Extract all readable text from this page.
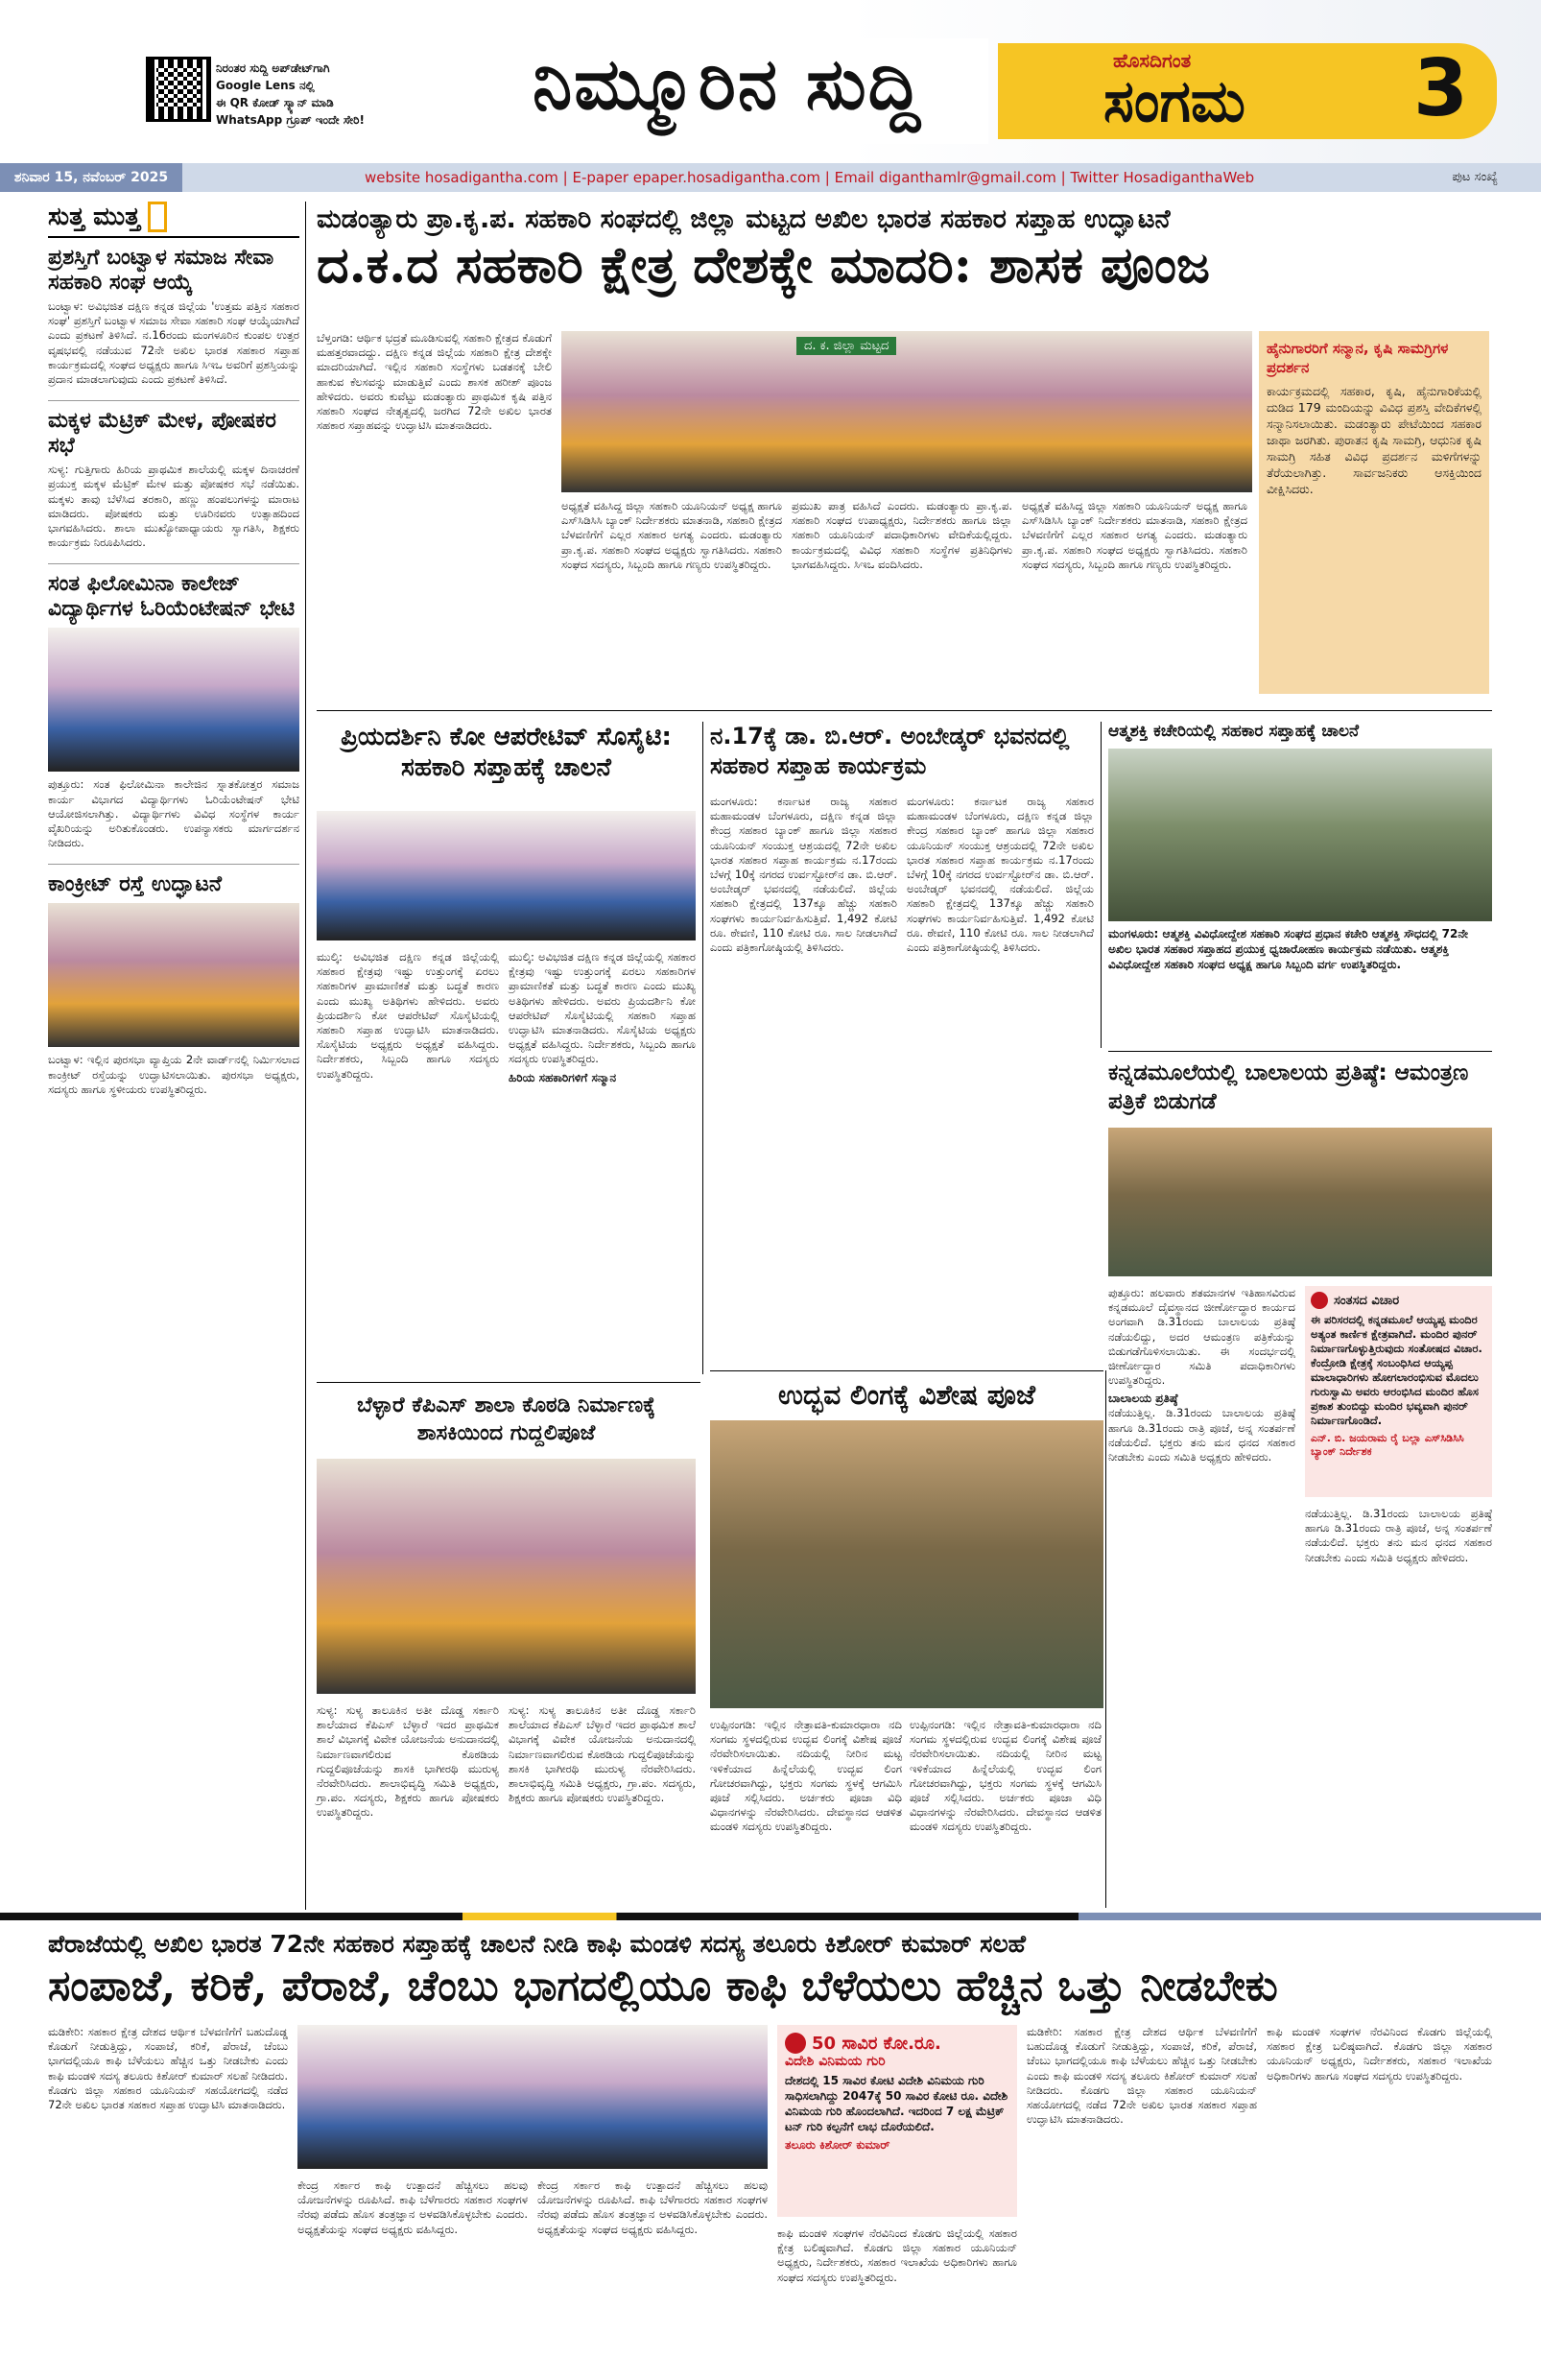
ನಿರಂತರ ಸುದ್ದಿ ಅಪ್‌ಡೇಟ್‌ಗಾಗಿ
Google Lens ನಲ್ಲಿ
ಈ QR ಕೋಡ್ ಸ್ಕ್ಯಾನ್ ಮಾಡಿ
WhatsApp ಗ್ರೂಪ್ ಇಂದೇ ಸೇರಿ!	ನಿಮ್ಮೂರಿನ ಸುದ್ದಿ	ಹೊಸದಿಗಂತ
ಸಂಗಮ 3
ಶನಿವಾರ 15, ನವೆಂಬರ್ 2025	website hosadigantha.com | E-paper epaper.hosadigantha.com | Email diganthamlr@gmail.com | Twitter HosadiganthaWeb	ಪುಟ ಸಂಖ್ಯೆ
ಸುತ್ತ ಮುತ್ತ
ಪ್ರಶಸ್ತಿಗೆ ಬಂಟ್ವಾಳ ಸಮಾಜ ಸೇವಾ ಸಹಕಾರಿ ಸಂಘ ಆಯ್ಕೆ
ಬಂಟ್ವಾಳ: ಅವಿಭಜಿತ ದಕ್ಷಿಣ ಕನ್ನಡ ಜಿಲ್ಲೆಯ 'ಉತ್ತಮ ಪತ್ತಿನ ಸಹಕಾರ ಸಂಘ' ಪ್ರಶಸ್ತಿಗೆ ಬಂಟ್ವಾಳ ಸಮಾಜ ಸೇವಾ ಸಹಕಾರಿ ಸಂಘ ಆಯ್ಕೆಯಾಗಿದೆ ಎಂದು ಪ್ರಕಟಣೆ ತಿಳಿಸಿದೆ. ನ.16ರಂದು ಮಂಗಳೂರಿನ ಕುಂಪಲ ಉತ್ತರ ವೃಷಭವಲ್ಲಿ ನಡೆಯುವ 72ನೇ ಅಖಿಲ ಭಾರತ ಸಹಕಾರ ಸಪ್ತಾಹ ಕಾರ್ಯಕ್ರಮದಲ್ಲಿ ಸಂಘದ ಅಧ್ಯಕ್ಷರು ಹಾಗೂ ಸಿಇಒ ಅವರಿಗೆ ಪ್ರಶಸ್ತಿಯನ್ನು ಪ್ರದಾನ ಮಾಡಲಾಗುವುದು ಎಂದು ಪ್ರಕಟಣೆ ತಿಳಿಸಿದೆ.
ಮಕ್ಕಳ ಮೆಟ್ರಿಕ್ ಮೇಳ, ಪೋಷಕರ ಸಭೆ
ಸುಳ್ಯ: ಗುತ್ತಿಗಾರು ಹಿರಿಯ ಪ್ರಾಥಮಿಕ ಶಾಲೆಯಲ್ಲಿ ಮಕ್ಕಳ ದಿನಾಚರಣೆ ಪ್ರಯುಕ್ತ ಮಕ್ಕಳ ಮೆಟ್ರಿಕ್ ಮೇಳ ಮತ್ತು ಪೋಷಕರ ಸಭೆ ನಡೆಯಿತು. ಮಕ್ಕಳು ತಾವು ಬೆಳೆಸಿದ ತರಕಾರಿ, ಹಣ್ಣು ಹಂಪಲುಗಳನ್ನು ಮಾರಾಟ ಮಾಡಿದರು. ಪೋಷಕರು ಮತ್ತು ಊರಿನವರು ಉತ್ಸಾಹದಿಂದ ಭಾಗವಹಿಸಿದರು. ಶಾಲಾ ಮುಖ್ಯೋಪಾಧ್ಯಾಯರು ಸ್ವಾಗತಿಸಿ, ಶಿಕ್ಷಕರು ಕಾರ್ಯಕ್ರಮ ನಿರೂಪಿಸಿದರು.
ಸಂತ ಫಿಲೋಮಿನಾ ಕಾಲೇಜ್ ವಿದ್ಯಾರ್ಥಿಗಳ ಓರಿಯೆಂಟೇಷನ್ ಭೇಟಿ
ಪುತ್ತೂರು: ಸಂತ ಫಿಲೋಮಿನಾ ಕಾಲೇಜಿನ ಸ್ನಾತಕೋತ್ತರ ಸಮಾಜ ಕಾರ್ಯ ವಿಭಾಗದ ವಿದ್ಯಾರ್ಥಿಗಳು ಓರಿಯೆಂಟೇಷನ್ ಭೇಟಿ ಆಯೋಜಿಸಲಾಗಿತ್ತು. ವಿದ್ಯಾರ್ಥಿಗಳು ವಿವಿಧ ಸಂಸ್ಥೆಗಳ ಕಾರ್ಯ ವೈಖರಿಯನ್ನು ಅರಿತುಕೊಂಡರು. ಉಪನ್ಯಾಸಕರು ಮಾರ್ಗದರ್ಶನ ನೀಡಿದರು.
ಕಾಂಕ್ರೀಟ್ ರಸ್ತೆ ಉದ್ಘಾಟನೆ
ಬಂಟ್ವಾಳ: ಇಲ್ಲಿನ ಪುರಸಭಾ ವ್ಯಾಪ್ತಿಯ 2ನೇ ವಾರ್ಡ್‌ನಲ್ಲಿ ನಿರ್ಮಿಸಲಾದ ಕಾಂಕ್ರೀಟ್ ರಸ್ತೆಯನ್ನು ಉದ್ಘಾಟಿಸಲಾಯಿತು. ಪುರಸಭಾ ಅಧ್ಯಕ್ಷರು, ಸದಸ್ಯರು ಹಾಗೂ ಸ್ಥಳೀಯರು ಉಪಸ್ಥಿತರಿದ್ದರು.
ಮಡಂತ್ಯಾರು ಪ್ರಾ.ಕೃ.ಪ. ಸಹಕಾರಿ ಸಂಘದಲ್ಲಿ ಜಿಲ್ಲಾ ಮಟ್ಟದ ಅಖಿಲ ಭಾರತ ಸಹಕಾರ ಸಪ್ತಾಹ ಉದ್ಘಾಟನೆ
ದ.ಕ.ದ ಸಹಕಾರಿ ಕ್ಷೇತ್ರ ದೇಶಕ್ಕೇ ಮಾದರಿ: ಶಾಸಕ ಪೂಂಜ
ಬೆಳ್ತಂಗಡಿ: ಆರ್ಥಿಕ ಭದ್ರತೆ ಮೂಡಿಸುವಲ್ಲಿ ಸಹಕಾರಿ ಕ್ಷೇತ್ರದ ಕೊಡುಗೆ ಮಹತ್ತರವಾದದ್ದು. ದಕ್ಷಿಣ ಕನ್ನಡ ಜಿಲ್ಲೆಯ ಸಹಕಾರಿ ಕ್ಷೇತ್ರ ದೇಶಕ್ಕೇ ಮಾದರಿಯಾಗಿದೆ. ಇಲ್ಲಿನ ಸಹಕಾರಿ ಸಂಸ್ಥೆಗಳು ಬಡತನಕ್ಕೆ ಬೇಲಿ ಹಾಕುವ ಕೆಲಸವನ್ನು ಮಾಡುತ್ತಿವೆ ಎಂದು ಶಾಸಕ ಹರೀಶ್ ಪೂಂಜ ಹೇಳಿದರು. ಅವರು ಕುವೆಟ್ಟು ಮಡಂತ್ಯಾರು ಪ್ರಾಥಮಿಕ ಕೃಷಿ ಪತ್ತಿನ ಸಹಕಾರಿ ಸಂಘದ ನೇತೃತ್ವದಲ್ಲಿ ಜರಗಿದ 72ನೇ ಅಖಿಲ ಭಾರತ ಸಹಕಾರ ಸಪ್ತಾಹವನ್ನು ಉದ್ಘಾಟಿಸಿ ಮಾತನಾಡಿದರು.
ದ. ಕ. ಜಿಲ್ಲಾ ಮಟ್ಟದ
ಅಧ್ಯಕ್ಷತೆ ವಹಿಸಿದ್ದ ಜಿಲ್ಲಾ ಸಹಕಾರಿ ಯೂನಿಯನ್ ಅಧ್ಯಕ್ಷ ಹಾಗೂ ಎಸ್‌ಸಿಡಿಸಿಸಿ ಬ್ಯಾಂಕ್ ನಿರ್ದೇಶಕರು ಮಾತನಾಡಿ, ಸಹಕಾರಿ ಕ್ಷೇತ್ರದ ಬೆಳವಣಿಗೆಗೆ ಎಲ್ಲರ ಸಹಕಾರ ಅಗತ್ಯ ಎಂದರು. ಮಡಂತ್ಯಾರು ಪ್ರಾ.ಕೃ.ಪ. ಸಹಕಾರಿ ಸಂಘದ ಅಧ್ಯಕ್ಷರು ಸ್ವಾಗತಿಸಿದರು. ಸಹಕಾರಿ ಸಂಘದ ಸದಸ್ಯರು, ಸಿಬ್ಬಂದಿ ಹಾಗೂ ಗಣ್ಯರು ಉಪಸ್ಥಿತರಿದ್ದರು.
ಪ್ರಮುಖ ಪಾತ್ರ ವಹಿಸಿದೆ ಎಂದರು. ಮಡಂತ್ಯಾರು ಪ್ರಾ.ಕೃ.ಪ. ಸಹಕಾರಿ ಸಂಘದ ಉಪಾಧ್ಯಕ್ಷರು, ನಿರ್ದೇಶಕರು ಹಾಗೂ ಜಿಲ್ಲಾ ಸಹಕಾರಿ ಯೂನಿಯನ್ ಪದಾಧಿಕಾರಿಗಳು ವೇದಿಕೆಯಲ್ಲಿದ್ದರು. ಕಾರ್ಯಕ್ರಮದಲ್ಲಿ ವಿವಿಧ ಸಹಕಾರಿ ಸಂಸ್ಥೆಗಳ ಪ್ರತಿನಿಧಿಗಳು ಭಾಗವಹಿಸಿದ್ದರು. ಸಿಇಒ ವಂದಿಸಿದರು.
ಅಧ್ಯಕ್ಷತೆ ವಹಿಸಿದ್ದ ಜಿಲ್ಲಾ ಸಹಕಾರಿ ಯೂನಿಯನ್ ಅಧ್ಯಕ್ಷ ಹಾಗೂ ಎಸ್‌ಸಿಡಿಸಿಸಿ ಬ್ಯಾಂಕ್ ನಿರ್ದೇಶಕರು ಮಾತನಾಡಿ, ಸಹಕಾರಿ ಕ್ಷೇತ್ರದ ಬೆಳವಣಿಗೆಗೆ ಎಲ್ಲರ ಸಹಕಾರ ಅಗತ್ಯ ಎಂದರು. ಮಡಂತ್ಯಾರು ಪ್ರಾ.ಕೃ.ಪ. ಸಹಕಾರಿ ಸಂಘದ ಅಧ್ಯಕ್ಷರು ಸ್ವಾಗತಿಸಿದರು. ಸಹಕಾರಿ ಸಂಘದ ಸದಸ್ಯರು, ಸಿಬ್ಬಂದಿ ಹಾಗೂ ಗಣ್ಯರು ಉಪಸ್ಥಿತರಿದ್ದರು.
ಹೈನುಗಾರರಿಗೆ ಸನ್ಮಾನ, ಕೃಷಿ ಸಾಮಗ್ರಿಗಳ ಪ್ರದರ್ಶನ
ಕಾರ್ಯಕ್ರಮದಲ್ಲಿ ಸಹಕಾರ, ಕೃಷಿ, ಹೈನುಗಾರಿಕೆಯಲ್ಲಿ ದುಡಿದ 179 ಮಂದಿಯನ್ನು ವಿವಿಧ ಪ್ರಶಸ್ತಿ ವೇದಿಕೆಗಳಲ್ಲಿ ಸನ್ಮಾನಿಸಲಾಯಿತು. ಮಡಂತ್ಯಾರು ಪೇಟೆಯಿಂದ ಸಹಕಾರ ಜಾಥಾ ಜರಗಿತು. ಪುರಾತನ ಕೃಷಿ ಸಾಮಗ್ರಿ, ಆಧುನಿಕ ಕೃಷಿ ಸಾಮಗ್ರಿ ಸಹಿತ ವಿವಿಧ ಪ್ರದರ್ಶನ ಮಳಿಗೆಗಳನ್ನು ತೆರೆಯಲಾಗಿತ್ತು. ಸಾರ್ವಜನಿಕರು ಆಸಕ್ತಿಯಿಂದ ವೀಕ್ಷಿಸಿದರು.
ಪ್ರಿಯದರ್ಶಿನಿ ಕೋ ಆಪರೇಟಿವ್ ಸೊಸೈಟಿ: ಸಹಕಾರಿ ಸಪ್ತಾಹಕ್ಕೆ ಚಾಲನೆ
ಮುಲ್ಕಿ: ಅವಿಭಜಿತ ದಕ್ಷಿಣ ಕನ್ನಡ ಜಿಲ್ಲೆಯಲ್ಲಿ ಸಹಕಾರ ಕ್ಷೇತ್ರವು ಇಷ್ಟು ಉತ್ತುಂಗಕ್ಕೆ ಏರಲು ಸಹಕಾರಿಗಳ ಪ್ರಾಮಾಣಿಕತೆ ಮತ್ತು ಬದ್ಧತೆ ಕಾರಣ ಎಂದು ಮುಖ್ಯ ಅತಿಥಿಗಳು ಹೇಳಿದರು. ಅವರು ಪ್ರಿಯದರ್ಶಿನಿ ಕೋ ಆಪರೇಟಿವ್ ಸೊಸೈಟಿಯಲ್ಲಿ ಸಹಕಾರಿ ಸಪ್ತಾಹ ಉದ್ಘಾಟಿಸಿ ಮಾತನಾಡಿದರು. ಸೊಸೈಟಿಯ ಅಧ್ಯಕ್ಷರು ಅಧ್ಯಕ್ಷತೆ ವಹಿಸಿದ್ದರು. ನಿರ್ದೇಶಕರು, ಸಿಬ್ಬಂದಿ ಹಾಗೂ ಸದಸ್ಯರು ಉಪಸ್ಥಿತರಿದ್ದರು.
ಮುಲ್ಕಿ: ಅವಿಭಜಿತ ದಕ್ಷಿಣ ಕನ್ನಡ ಜಿಲ್ಲೆಯಲ್ಲಿ ಸಹಕಾರ ಕ್ಷೇತ್ರವು ಇಷ್ಟು ಉತ್ತುಂಗಕ್ಕೆ ಏರಲು ಸಹಕಾರಿಗಳ ಪ್ರಾಮಾಣಿಕತೆ ಮತ್ತು ಬದ್ಧತೆ ಕಾರಣ ಎಂದು ಮುಖ್ಯ ಅತಿಥಿಗಳು ಹೇಳಿದರು. ಅವರು ಪ್ರಿಯದರ್ಶಿನಿ ಕೋ ಆಪರೇಟಿವ್ ಸೊಸೈಟಿಯಲ್ಲಿ ಸಹಕಾರಿ ಸಪ್ತಾಹ ಉದ್ಘಾಟಿಸಿ ಮಾತನಾಡಿದರು. ಸೊಸೈಟಿಯ ಅಧ್ಯಕ್ಷರು ಅಧ್ಯಕ್ಷತೆ ವಹಿಸಿದ್ದರು. ನಿರ್ದೇಶಕರು, ಸಿಬ್ಬಂದಿ ಹಾಗೂ ಸದಸ್ಯರು ಉಪಸ್ಥಿತರಿದ್ದರು.
ಹಿರಿಯ ಸಹಕಾರಿಗಳಿಗೆ ಸನ್ಮಾನ
ನ.17ಕ್ಕೆ ಡಾ. ಬಿ.ಆರ್. ಅಂಬೇಡ್ಕರ್ ಭವನದಲ್ಲಿ ಸಹಕಾರ ಸಪ್ತಾಹ ಕಾರ್ಯಕ್ರಮ
ಮಂಗಳೂರು: ಕರ್ನಾಟಕ ರಾಜ್ಯ ಸಹಕಾರ ಮಹಾಮಂಡಳ ಬೆಂಗಳೂರು, ದಕ್ಷಿಣ ಕನ್ನಡ ಜಿಲ್ಲಾ ಕೇಂದ್ರ ಸಹಕಾರ ಬ್ಯಾಂಕ್ ಹಾಗೂ ಜಿಲ್ಲಾ ಸಹಕಾರ ಯೂನಿಯನ್ ಸಂಯುಕ್ತ ಆಶ್ರಯದಲ್ಲಿ 72ನೇ ಅಖಿಲ ಭಾರತ ಸಹಕಾರ ಸಪ್ತಾಹ ಕಾರ್ಯಕ್ರಮ ನ.17ರಂದು ಬೆಳಗ್ಗೆ 10ಕ್ಕೆ ನಗರದ ಉರ್ವಸ್ಟೋರ್‌ನ ಡಾ. ಬಿ.ಆರ್. ಅಂಬೇಡ್ಕರ್ ಭವನದಲ್ಲಿ ನಡೆಯಲಿದೆ. ಜಿಲ್ಲೆಯ ಸಹಕಾರಿ ಕ್ಷೇತ್ರದಲ್ಲಿ 137ಕ್ಕೂ ಹೆಚ್ಚು ಸಹಕಾರಿ ಸಂಘಗಳು ಕಾರ್ಯನಿರ್ವಹಿಸುತ್ತಿವೆ. 1,492 ಕೋಟಿ ರೂ. ಠೇವಣಿ, 110 ಕೋಟಿ ರೂ. ಸಾಲ ನೀಡಲಾಗಿದೆ ಎಂದು ಪತ್ರಿಕಾಗೋಷ್ಠಿಯಲ್ಲಿ ತಿಳಿಸಿದರು.
ಮಂಗಳೂರು: ಕರ್ನಾಟಕ ರಾಜ್ಯ ಸಹಕಾರ ಮಹಾಮಂಡಳ ಬೆಂಗಳೂರು, ದಕ್ಷಿಣ ಕನ್ನಡ ಜಿಲ್ಲಾ ಕೇಂದ್ರ ಸಹಕಾರ ಬ್ಯಾಂಕ್ ಹಾಗೂ ಜಿಲ್ಲಾ ಸಹಕಾರ ಯೂನಿಯನ್ ಸಂಯುಕ್ತ ಆಶ್ರಯದಲ್ಲಿ 72ನೇ ಅಖಿಲ ಭಾರತ ಸಹಕಾರ ಸಪ್ತಾಹ ಕಾರ್ಯಕ್ರಮ ನ.17ರಂದು ಬೆಳಗ್ಗೆ 10ಕ್ಕೆ ನಗರದ ಉರ್ವಸ್ಟೋರ್‌ನ ಡಾ. ಬಿ.ಆರ್. ಅಂಬೇಡ್ಕರ್ ಭವನದಲ್ಲಿ ನಡೆಯಲಿದೆ. ಜಿಲ್ಲೆಯ ಸಹಕಾರಿ ಕ್ಷೇತ್ರದಲ್ಲಿ 137ಕ್ಕೂ ಹೆಚ್ಚು ಸಹಕಾರಿ ಸಂಘಗಳು ಕಾರ್ಯನಿರ್ವಹಿಸುತ್ತಿವೆ. 1,492 ಕೋಟಿ ರೂ. ಠೇವಣಿ, 110 ಕೋಟಿ ರೂ. ಸಾಲ ನೀಡಲಾಗಿದೆ ಎಂದು ಪತ್ರಿಕಾಗೋಷ್ಠಿಯಲ್ಲಿ ತಿಳಿಸಿದರು.
ಆತ್ಮಶಕ್ತಿ ಕಚೇರಿಯಲ್ಲಿ ಸಹಕಾರ ಸಪ್ತಾಹಕ್ಕೆ ಚಾಲನೆ
ಮಂಗಳೂರು: ಆತ್ಮಶಕ್ತಿ ವಿವಿಧೋದ್ದೇಶ ಸಹಕಾರಿ ಸಂಘದ ಪ್ರಧಾನ ಕಚೇರಿ ಆತ್ಮಶಕ್ತಿ ಸೌಧದಲ್ಲಿ 72ನೇ ಅಖಿಲ ಭಾರತ ಸಹಕಾರ ಸಪ್ತಾಹದ ಪ್ರಯುಕ್ತ ಧ್ವಜಾರೋಹಣ ಕಾರ್ಯಕ್ರಮ ನಡೆಯಿತು. ಆತ್ಮಶಕ್ತಿ ವಿವಿಧೋದ್ದೇಶ ಸಹಕಾರಿ ಸಂಘದ ಅಧ್ಯಕ್ಷ ಹಾಗೂ ಸಿಬ್ಬಂದಿ ವರ್ಗ ಉಪಸ್ಥಿತರಿದ್ದರು.
ಕನ್ನಡಮೂಲೆಯಲ್ಲಿ ಬಾಲಾಲಯ ಪ್ರತಿಷ್ಠೆ: ಆಮಂತ್ರಣ ಪತ್ರಿಕೆ ಬಿಡುಗಡೆ
ಪುತ್ತೂರು: ಹಲವಾರು ಶತಮಾನಗಳ ಇತಿಹಾಸವಿರುವ ಕನ್ನಡಮೂಲೆ ದೈವಸ್ಥಾನದ ಜೀರ್ಣೋದ್ಧಾರ ಕಾರ್ಯದ ಅಂಗವಾಗಿ ಡಿ.31ರಂದು ಬಾಲಾಲಯ ಪ್ರತಿಷ್ಠೆ ನಡೆಯಲಿದ್ದು, ಅದರ ಆಮಂತ್ರಣ ಪತ್ರಿಕೆಯನ್ನು ಬಿಡುಗಡೆಗೊಳಿಸಲಾಯಿತು. ಈ ಸಂದರ್ಭದಲ್ಲಿ ಜೀರ್ಣೋದ್ಧಾರ ಸಮಿತಿ ಪದಾಧಿಕಾರಿಗಳು ಉಪಸ್ಥಿತರಿದ್ದರು.
ಬಾಲಾಲಯ ಪ್ರತಿಷ್ಠೆ
ನಡೆಯುತ್ತಿಲ್ಲ. ಡಿ.31ರಂದು ಬಾಲಾಲಯ ಪ್ರತಿಷ್ಠೆ ಹಾಗೂ ಡಿ.31ರಂದು ರಾತ್ರಿ ಪೂಜೆ, ಅನ್ನ ಸಂತರ್ಪಣೆ ನಡೆಯಲಿದೆ. ಭಕ್ತರು ತನು ಮನ ಧನದ ಸಹಕಾರ ನೀಡಬೇಕು ಎಂದು ಸಮಿತಿ ಅಧ್ಯಕ್ಷರು ಹೇಳಿದರು.
ಸಂತಸದ ವಿಚಾರ
ಈ ಪರಿಸರದಲ್ಲಿ ಕನ್ನಡಮೂಲೆ ಆಯ್ಯಪ್ಪ ಮಂದಿರ ಅತ್ಯಂತ ಕಾರ್ಣಿಕ ಕ್ಷೇತ್ರವಾಗಿದೆ. ಮಂದಿರ ಪುನರ್ ನಿರ್ಮಾಣಗೊಳ್ಳುತ್ತಿರುವುದು ಸಂತೋಷದ ವಿಚಾರ. ಕೆಂದ್ರೋಡಿ ಕ್ಷೇತ್ರಕ್ಕೆ ಸಂಬಂಧಿಸಿದ ಆಯ್ಯಪ್ಪ ಮಾಲಾಧಾರಿಗಳು ಹೋಗಲಾರಂಭಿಸುವ ಮೊದಲು ಗುರುಸ್ವಾಮಿ ಅವರು ಆರಂಭಿಸಿದ ಮಂದಿರ ಹೊಸ ಪ್ರಕಾಶ ತುಂಬಿದ್ದು ಮಂದಿರ ಭವ್ಯವಾಗಿ ಪುನರ್ ನಿರ್ಮಾಣಗೊಂಡಿದೆ.
ಎನ್. ಬಿ. ಜಯರಾಮ ರೈ ಬಲ್ಲಾ ಎಸ್‌ಸಿಡಿಸಿಸಿ ಬ್ಯಾಂಕ್ ನಿರ್ದೇಶಕ
ನಡೆಯುತ್ತಿಲ್ಲ. ಡಿ.31ರಂದು ಬಾಲಾಲಯ ಪ್ರತಿಷ್ಠೆ ಹಾಗೂ ಡಿ.31ರಂದು ರಾತ್ರಿ ಪೂಜೆ, ಅನ್ನ ಸಂತರ್ಪಣೆ ನಡೆಯಲಿದೆ. ಭಕ್ತರು ತನು ಮನ ಧನದ ಸಹಕಾರ ನೀಡಬೇಕು ಎಂದು ಸಮಿತಿ ಅಧ್ಯಕ್ಷರು ಹೇಳಿದರು.
ಬೆಳ್ಳಾರೆ ಕೆಪಿಎಸ್ ಶಾಲಾ ಕೊಠಡಿ ನಿರ್ಮಾಣಕ್ಕೆ ಶಾಸಕಿಯಿಂದ ಗುದ್ದಲಿಪೂಜೆ
ಸುಳ್ಯ: ಸುಳ್ಯ ತಾಲೂಕಿನ ಅತೀ ದೊಡ್ಡ ಸರ್ಕಾರಿ ಶಾಲೆಯಾದ ಕೆಪಿಎಸ್ ಬೆಳ್ಳಾರೆ ಇದರ ಪ್ರಾಥಮಿಕ ಶಾಲೆ ವಿಭಾಗಕ್ಕೆ ವಿವೇಕ ಯೋಜನೆಯ ಅನುದಾನದಲ್ಲಿ ನಿರ್ಮಾಣವಾಗಲಿರುವ ಕೊಠಡಿಯ ಗುದ್ದಲಿಪೂಜೆಯನ್ನು ಶಾಸಕಿ ಭಾಗೀರಥಿ ಮುರುಳ್ಯ ನೆರವೇರಿಸಿದರು. ಶಾಲಾಭಿವೃದ್ಧಿ ಸಮಿತಿ ಅಧ್ಯಕ್ಷರು, ಗ್ರಾ.ಪಂ. ಸದಸ್ಯರು, ಶಿಕ್ಷಕರು ಹಾಗೂ ಪೋಷಕರು ಉಪಸ್ಥಿತರಿದ್ದರು.
ಸುಳ್ಯ: ಸುಳ್ಯ ತಾಲೂಕಿನ ಅತೀ ದೊಡ್ಡ ಸರ್ಕಾರಿ ಶಾಲೆಯಾದ ಕೆಪಿಎಸ್ ಬೆಳ್ಳಾರೆ ಇದರ ಪ್ರಾಥಮಿಕ ಶಾಲೆ ವಿಭಾಗಕ್ಕೆ ವಿವೇಕ ಯೋಜನೆಯ ಅನುದಾನದಲ್ಲಿ ನಿರ್ಮಾಣವಾಗಲಿರುವ ಕೊಠಡಿಯ ಗುದ್ದಲಿಪೂಜೆಯನ್ನು ಶಾಸಕಿ ಭಾಗೀರಥಿ ಮುರುಳ್ಯ ನೆರವೇರಿಸಿದರು. ಶಾಲಾಭಿವೃದ್ಧಿ ಸಮಿತಿ ಅಧ್ಯಕ್ಷರು, ಗ್ರಾ.ಪಂ. ಸದಸ್ಯರು, ಶಿಕ್ಷಕರು ಹಾಗೂ ಪೋಷಕರು ಉಪಸ್ಥಿತರಿದ್ದರು.
ಉದ್ಭವ ಲಿಂಗಕ್ಕೆ ವಿಶೇಷ ಪೂಜೆ
ಉಪ್ಪಿನಂಗಡಿ: ಇಲ್ಲಿನ ನೇತ್ರಾವತಿ-ಕುಮಾರಧಾರಾ ನದಿ ಸಂಗಮ ಸ್ಥಳದಲ್ಲಿರುವ ಉದ್ಭವ ಲಿಂಗಕ್ಕೆ ವಿಶೇಷ ಪೂಜೆ ನೆರವೇರಿಸಲಾಯಿತು. ನದಿಯಲ್ಲಿ ನೀರಿನ ಮಟ್ಟ ಇಳಿಕೆಯಾದ ಹಿನ್ನೆಲೆಯಲ್ಲಿ ಉದ್ಭವ ಲಿಂಗ ಗೋಚರವಾಗಿದ್ದು, ಭಕ್ತರು ಸಂಗಮ ಸ್ಥಳಕ್ಕೆ ಆಗಮಿಸಿ ಪೂಜೆ ಸಲ್ಲಿಸಿದರು. ಅರ್ಚಕರು ಪೂಜಾ ವಿಧಿ ವಿಧಾನಗಳನ್ನು ನೆರವೇರಿಸಿದರು. ದೇವಸ್ಥಾನದ ಆಡಳಿತ ಮಂಡಳಿ ಸದಸ್ಯರು ಉಪಸ್ಥಿತರಿದ್ದರು.
ಉಪ್ಪಿನಂಗಡಿ: ಇಲ್ಲಿನ ನೇತ್ರಾವತಿ-ಕುಮಾರಧಾರಾ ನದಿ ಸಂಗಮ ಸ್ಥಳದಲ್ಲಿರುವ ಉದ್ಭವ ಲಿಂಗಕ್ಕೆ ವಿಶೇಷ ಪೂಜೆ ನೆರವೇರಿಸಲಾಯಿತು. ನದಿಯಲ್ಲಿ ನೀರಿನ ಮಟ್ಟ ಇಳಿಕೆಯಾದ ಹಿನ್ನೆಲೆಯಲ್ಲಿ ಉದ್ಭವ ಲಿಂಗ ಗೋಚರವಾಗಿದ್ದು, ಭಕ್ತರು ಸಂಗಮ ಸ್ಥಳಕ್ಕೆ ಆಗಮಿಸಿ ಪೂಜೆ ಸಲ್ಲಿಸಿದರು. ಅರ್ಚಕರು ಪೂಜಾ ವಿಧಿ ವಿಧಾನಗಳನ್ನು ನೆರವೇರಿಸಿದರು. ದೇವಸ್ಥಾನದ ಆಡಳಿತ ಮಂಡಳಿ ಸದಸ್ಯರು ಉಪಸ್ಥಿತರಿದ್ದರು.
ಪೆರಾಜೆಯಲ್ಲಿ ಅಖಿಲ ಭಾರತ 72ನೇ ಸಹಕಾರ ಸಪ್ತಾಹಕ್ಕೆ ಚಾಲನೆ ನೀಡಿ ಕಾಫಿ ಮಂಡಳಿ ಸದಸ್ಯ ತಲೂರು ಕಿಶೋರ್ ಕುಮಾರ್ ಸಲಹೆ
ಸಂಪಾಜೆ, ಕರಿಕೆ, ಪೆರಾಜೆ, ಚೆಂಬು ಭಾಗದಲ್ಲಿಯೂ ಕಾಫಿ ಬೆಳೆಯಲು ಹೆಚ್ಚಿನ ಒತ್ತು ನೀಡಬೇಕು
ಮಡಿಕೇರಿ: ಸಹಕಾರ ಕ್ಷೇತ್ರ ದೇಶದ ಆರ್ಥಿಕ ಬೆಳವಣಿಗೆಗೆ ಬಹುದೊಡ್ಡ ಕೊಡುಗೆ ನೀಡುತ್ತಿದ್ದು, ಸಂಪಾಜೆ, ಕರಿಕೆ, ಪೆರಾಜೆ, ಚೆಂಬು ಭಾಗದಲ್ಲಿಯೂ ಕಾಫಿ ಬೆಳೆಯಲು ಹೆಚ್ಚಿನ ಒತ್ತು ನೀಡಬೇಕು ಎಂದು ಕಾಫಿ ಮಂಡಳಿ ಸದಸ್ಯ ತಲೂರು ಕಿಶೋರ್ ಕುಮಾರ್ ಸಲಹೆ ನೀಡಿದರು. ಕೊಡಗು ಜಿಲ್ಲಾ ಸಹಕಾರ ಯೂನಿಯನ್ ಸಹಯೋಗದಲ್ಲಿ ನಡೆದ 72ನೇ ಅಖಿಲ ಭಾರತ ಸಹಕಾರ ಸಪ್ತಾಹ ಉದ್ಘಾಟಿಸಿ ಮಾತನಾಡಿದರು.
ಕೇಂದ್ರ ಸರ್ಕಾರ ಕಾಫಿ ಉತ್ಪಾದನೆ ಹೆಚ್ಚಿಸಲು ಹಲವು ಯೋಜನೆಗಳನ್ನು ರೂಪಿಸಿದೆ. ಕಾಫಿ ಬೆಳೆಗಾರರು ಸಹಕಾರ ಸಂಘಗಳ ನೆರವು ಪಡೆದು ಹೊಸ ತಂತ್ರಜ್ಞಾನ ಅಳವಡಿಸಿಕೊಳ್ಳಬೇಕು ಎಂದರು. ಅಧ್ಯಕ್ಷತೆಯನ್ನು ಸಂಘದ ಅಧ್ಯಕ್ಷರು ವಹಿಸಿದ್ದರು.
ಕೇಂದ್ರ ಸರ್ಕಾರ ಕಾಫಿ ಉತ್ಪಾದನೆ ಹೆಚ್ಚಿಸಲು ಹಲವು ಯೋಜನೆಗಳನ್ನು ರೂಪಿಸಿದೆ. ಕಾಫಿ ಬೆಳೆಗಾರರು ಸಹಕಾರ ಸಂಘಗಳ ನೆರವು ಪಡೆದು ಹೊಸ ತಂತ್ರಜ್ಞಾನ ಅಳವಡಿಸಿಕೊಳ್ಳಬೇಕು ಎಂದರು. ಅಧ್ಯಕ್ಷತೆಯನ್ನು ಸಂಘದ ಅಧ್ಯಕ್ಷರು ವಹಿಸಿದ್ದರು.
50 ಸಾವಿರ ಕೋ.ರೂ.
ವಿದೇಶಿ ವಿನಿಮಯ ಗುರಿ
ದೇಶದಲ್ಲಿ 15 ಸಾವಿರ ಕೋಟಿ ವಿದೇಶಿ ವಿನಿಮಯ ಗುರಿ ಸಾಧಿಸಲಾಗಿದ್ದು 2047ಕ್ಕೆ 50 ಸಾವಿರ ಕೋಟಿ ರೂ. ವಿದೇಶಿ ವಿನಿಮಯ ಗುರಿ ಹೊಂದಲಾಗಿದೆ. ಇದರಿಂದ 7 ಲಕ್ಷ ಮೆಟ್ರಿಕ್ ಟನ್ ಗುರಿ ಕಲ್ಪನೆಗೆ ಲಾಭ ದೊರೆಯಲಿದೆ.
ತಲೂರು ಕಿಶೋರ್ ಕುಮಾರ್
ಕಾಫಿ ಮಂಡಳಿ ಸಂಘಗಳ ನೆರವಿನಿಂದ ಕೊಡಗು ಜಿಲ್ಲೆಯಲ್ಲಿ ಸಹಕಾರ ಕ್ಷೇತ್ರ ಬಲಿಷ್ಠವಾಗಿದೆ. ಕೊಡಗು ಜಿಲ್ಲಾ ಸಹಕಾರ ಯೂನಿಯನ್ ಅಧ್ಯಕ್ಷರು, ನಿರ್ದೇಶಕರು, ಸಹಕಾರ ಇಲಾಖೆಯ ಅಧಿಕಾರಿಗಳು ಹಾಗೂ ಸಂಘದ ಸದಸ್ಯರು ಉಪಸ್ಥಿತರಿದ್ದರು.
ಮಡಿಕೇರಿ: ಸಹಕಾರ ಕ್ಷೇತ್ರ ದೇಶದ ಆರ್ಥಿಕ ಬೆಳವಣಿಗೆಗೆ ಬಹುದೊಡ್ಡ ಕೊಡುಗೆ ನೀಡುತ್ತಿದ್ದು, ಸಂಪಾಜೆ, ಕರಿಕೆ, ಪೆರಾಜೆ, ಚೆಂಬು ಭಾಗದಲ್ಲಿಯೂ ಕಾಫಿ ಬೆಳೆಯಲು ಹೆಚ್ಚಿನ ಒತ್ತು ನೀಡಬೇಕು ಎಂದು ಕಾಫಿ ಮಂಡಳಿ ಸದಸ್ಯ ತಲೂರು ಕಿಶೋರ್ ಕುಮಾರ್ ಸಲಹೆ ನೀಡಿದರು. ಕೊಡಗು ಜಿಲ್ಲಾ ಸಹಕಾರ ಯೂನಿಯನ್ ಸಹಯೋಗದಲ್ಲಿ ನಡೆದ 72ನೇ ಅಖಿಲ ಭಾರತ ಸಹಕಾರ ಸಪ್ತಾಹ ಉದ್ಘಾಟಿಸಿ ಮಾತನಾಡಿದರು.
ಕಾಫಿ ಮಂಡಳಿ ಸಂಘಗಳ ನೆರವಿನಿಂದ ಕೊಡಗು ಜಿಲ್ಲೆಯಲ್ಲಿ ಸಹಕಾರ ಕ್ಷೇತ್ರ ಬಲಿಷ್ಠವಾಗಿದೆ. ಕೊಡಗು ಜಿಲ್ಲಾ ಸಹಕಾರ ಯೂನಿಯನ್ ಅಧ್ಯಕ್ಷರು, ನಿರ್ದೇಶಕರು, ಸಹಕಾರ ಇಲಾಖೆಯ ಅಧಿಕಾರಿಗಳು ಹಾಗೂ ಸಂಘದ ಸದಸ್ಯರು ಉಪಸ್ಥಿತರಿದ್ದರು.
